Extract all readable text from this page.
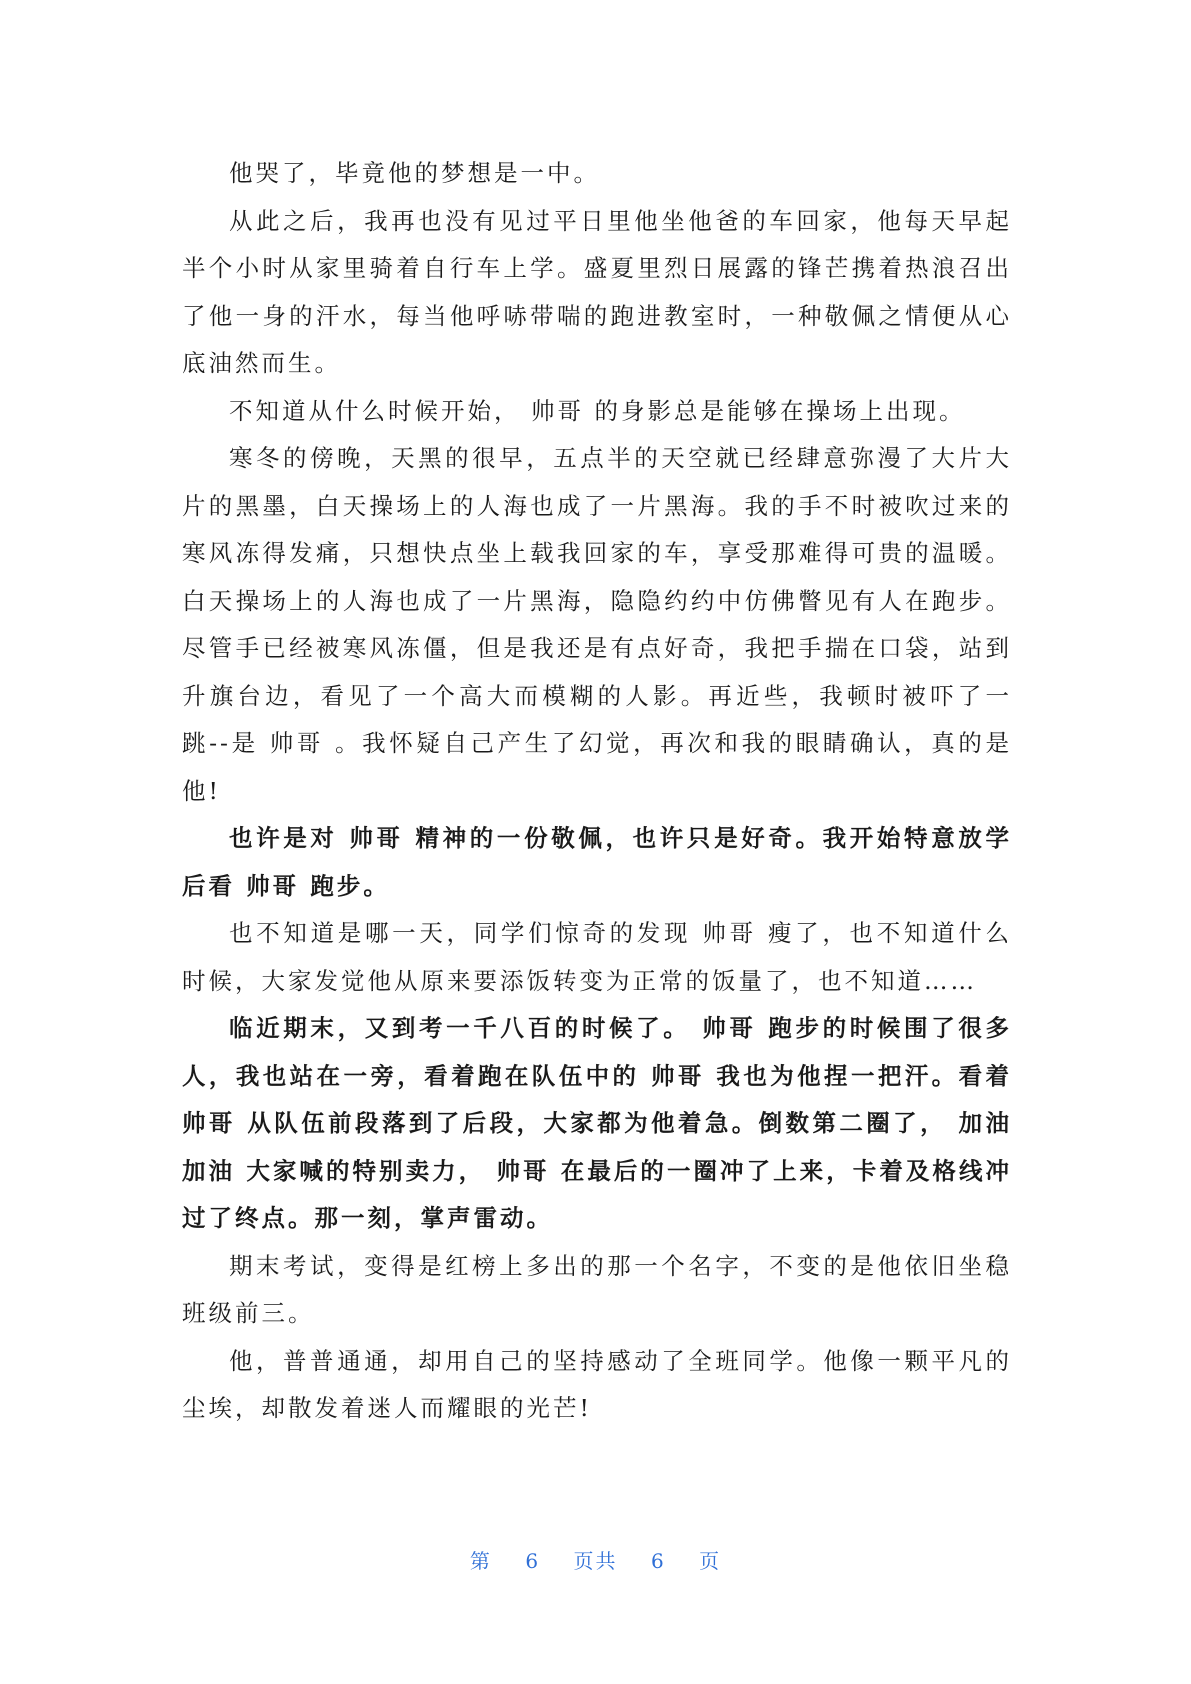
他哭了，毕竟他的梦想是一中。

从此之后，我再也没有见过平日里他坐他爸的车回家，他每天早起半个小时从家里骑着自行车上学。盛夏里烈日展露的锋芒携着热浪召出了他一身的汗水，每当他呼哧带喘的跑进教室时，一种敬佩之情便从心底油然而生。

不知道从什么时候开始， 帅哥 的身影总是能够在操场上出现。

寒冬的傍晚，天黑的很早，五点半的天空就已经肆意弥漫了大片大片的黑墨，白天操场上的人海也成了一片黑海。我的手不时被吹过来的寒风冻得发痛，只想快点坐上载我回家的车，享受那难得可贵的温暖。白天操场上的人海也成了一片黑海，隐隐约约中仿佛瞥见有人在跑步。尽管手已经被寒风冻僵，但是我还是有点好奇，我把手揣在口袋，站到升旗台边，看见了一个高大而模糊的人影。再近些，我顿时被吓了一跳--是 帅哥 。我怀疑自己产生了幻觉，再次和我的眼睛确认，真的是他!

也许是对 帅哥 精神的一份敬佩，也许只是好奇。我开始特意放学后看 帅哥 跑步。

也不知道是哪一天，同学们惊奇的发现 帅哥 瘦了，也不知道什么时候，大家发觉他从原来要添饭转变为正常的饭量了，也不知道……

临近期末，又到考一千八百的时候了。 帅哥 跑步的时候围了很多人，我也站在一旁，看着跑在队伍中的 帅哥 我也为他捏一把汗。看着 帅哥 从队伍前段落到了后段，大家都为他着急。倒数第二圈了， 加油加油 大家喊的特别卖力， 帅哥 在最后的一圈冲了上来，卡着及格线冲过了终点。那一刻，掌声雷动。

期末考试，变得是红榜上多出的那一个名字，不变的是他依旧坐稳班级前三。

他，普普通通，却用自己的坚持感动了全班同学。他像一颗平凡的尘埃，却散发着迷人而耀眼的光芒!

第 6 页共 6 页
